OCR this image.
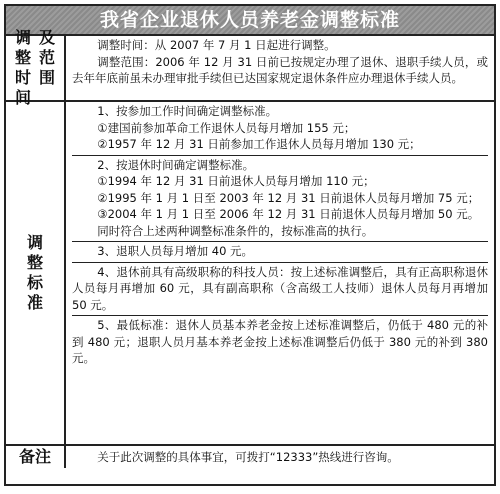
我省企业退休人员养老金调整标准
调 及
整 范
时 围
间

调整时间：从 2007 年 7 月 1 日起进行调整。

调整范围：2006 年 12 月 31 日前已按规定办理了退休、退职手续人员，或去年年底前虽未办理审批手续但已达国家规定退休条件应办理退休手续人员。

调
整
标
准

1、按参加工作时间确定调整标准。

①建国前参加革命工作退休人员每月增加 155 元；

②1957 年 12 月 31 日前参加工作退休人员每月增加 130 元；

2、按退休时间确定调整标准。

①1994 年 12 月 31 日前退休人员每月增加 110 元；

②1995 年 1 月 1 日至 2003 年 12 月 31 日前退休人员每月增加 75 元；

③2004 年 1 月 1 日至 2006 年 12 月 31 日前退休人员每月增加 50 元。

同时符合上述两种调整标准条件的，按标准高的执行。

3、退职人员每月增加 40 元。

4、退休前具有高级职称的科技人员：按上述标准调整后，具有正高职称退休人员每月再增加 60 元，具有副高职称（含高级工人技师）退休人员每月再增加 50 元。

5、最低标准：退休人员基本养老金按上述标准调整后，仍低于 480 元的补到 480 元；退职人员月基本养老金按上述标准调整后仍低于 380 元的补到 380 元。

备注	关于此次调整的具体事宜，可拨打“12333”热线进行咨询。
